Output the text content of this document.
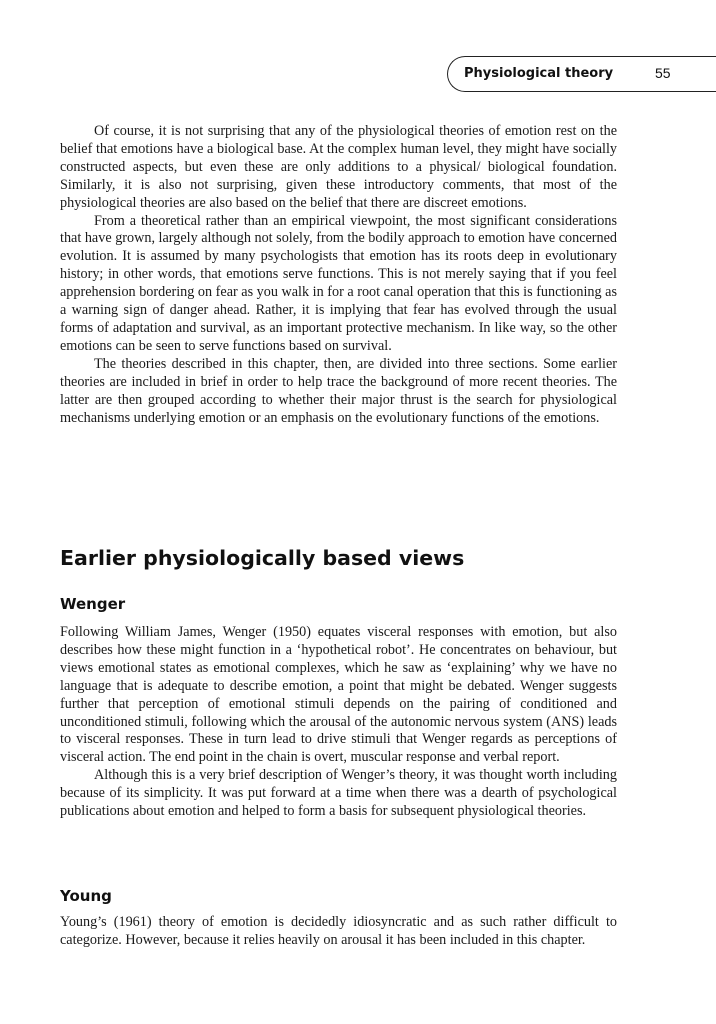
Physiological theory	55

Of course, it is not surprising that any of the physiological theories of emotion rest on the belief that emotions have a biological base. At the complex human level, they might have socially constructed aspects, but even these are only additions to a physical/ biological foundation. Similarly, it is also not surprising, given these introductory comments, that most of the physiological theories are also based on the belief that there are discreet emotions.

From a theoretical rather than an empirical viewpoint, the most significant considerations that have grown, largely although not solely, from the bodily approach to emotion have concerned evolution. It is assumed by many psychologists that emotion has its roots deep in evolutionary history; in other words, that emotions serve functions. This is not merely saying that if you feel apprehension bordering on fear as you walk in for a root canal operation that this is functioning as a warning sign of danger ahead. Rather, it is implying that fear has evolved through the usual forms of adaptation and survival, as an important protective mechanism. In like way, so the other emotions can be seen to serve functions based on survival.

The theories described in this chapter, then, are divided into three sections. Some earlier theories are included in brief in order to help trace the background of more recent theories. The latter are then grouped according to whether their major thrust is the search for physiological mechanisms underlying emotion or an emphasis on the evolutionary functions of the emotions.

Earlier physiologically based views
Wenger

Following William James, Wenger (1950) equates visceral responses with emotion, but also describes how these might function in a ‘hypothetical robot’. He concentrates on behaviour, but views emotional states as emotional complexes, which he saw as ‘explaining’ why we have no language that is adequate to describe emotion, a point that might be debated. Wenger suggests further that perception of emotional stimuli depends on the pairing of conditioned and unconditioned stimuli, following which the arousal of the autonomic nervous system (ANS) leads to visceral responses. These in turn lead to drive stimuli that Wenger regards as perceptions of visceral action. The end point in the chain is overt, muscular response and verbal report.

Although this is a very brief description of Wenger’s theory, it was thought worth including because of its simplicity. It was put forward at a time when there was a dearth of psychological publications about emotion and helped to form a basis for subsequent physiological theories.

Young

Young’s (1961) theory of emotion is decidedly idiosyncratic and as such rather difficult to categorize. However, because it relies heavily on arousal it has been included in this chapter.
